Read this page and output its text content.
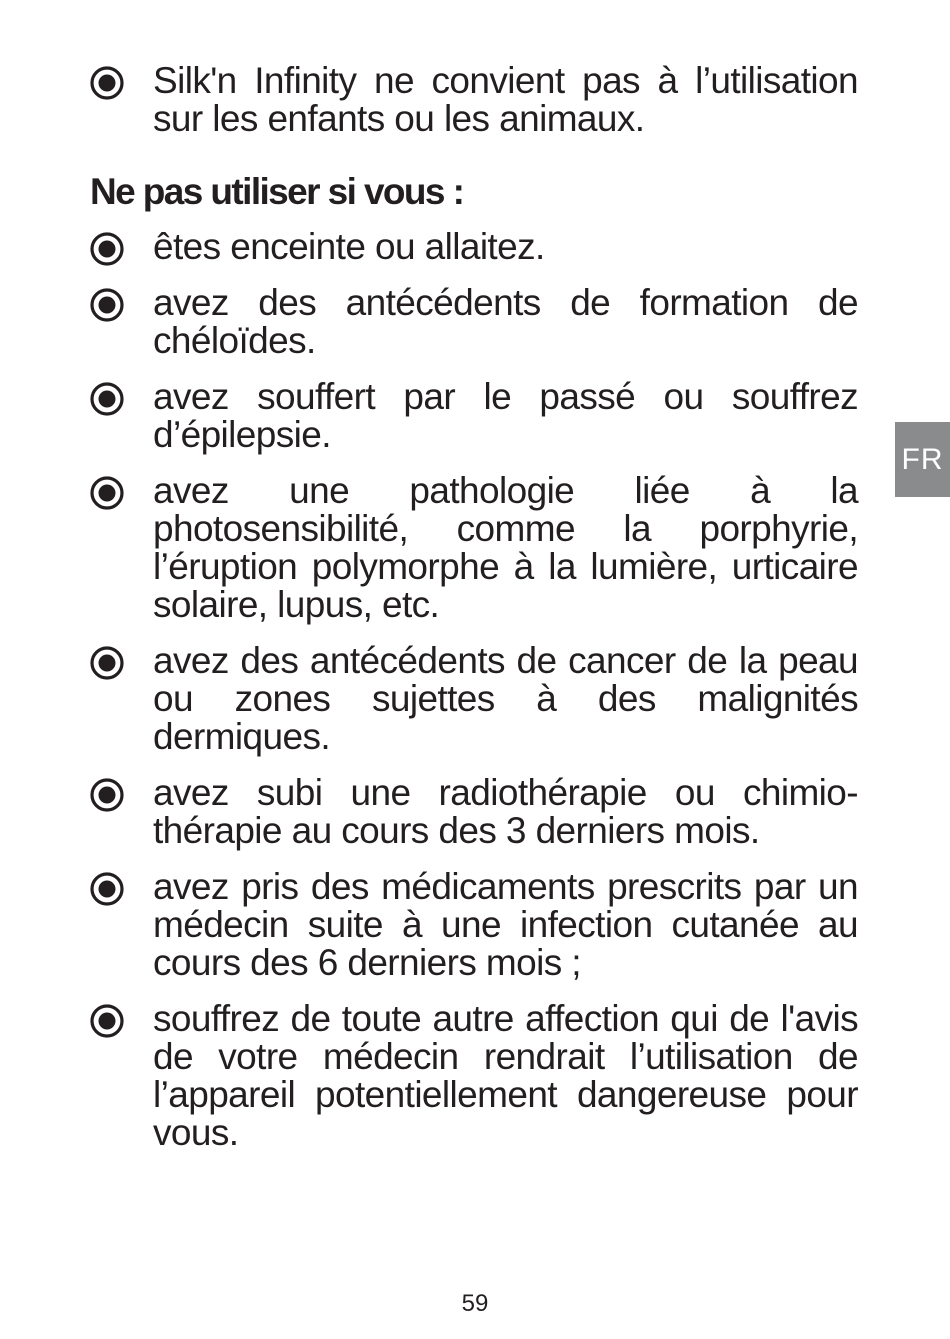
Silk'n Infinity ne convient pas à l’utilisation sur les enfants ou les animaux.
Ne pas utiliser si vous :
êtes enceinte ou allaitez.
avez des antécédents de formation de chéloïdes.
avez souffert par le passé ou souffrez d’épilepsie.
avez une pathologie liée à la photosensibilité, comme la porphyrie, l’éruption polymorphe à la lumière, urticaire solaire, lupus, etc.
avez des antécédents de cancer de la peau ou zones sujettes à des malignités dermiques.
avez subi une radiothérapie ou chimio-thérapie au cours des 3 derniers mois.
avez pris des médicaments prescrits par un médecin suite à une infection cutanée au cours des 6 derniers mois ;
souffrez de toute autre affection qui de l'avis de votre médecin rendrait l’utilisation de l’appareil potentiellement dangereuse pour vous.
FR
59
